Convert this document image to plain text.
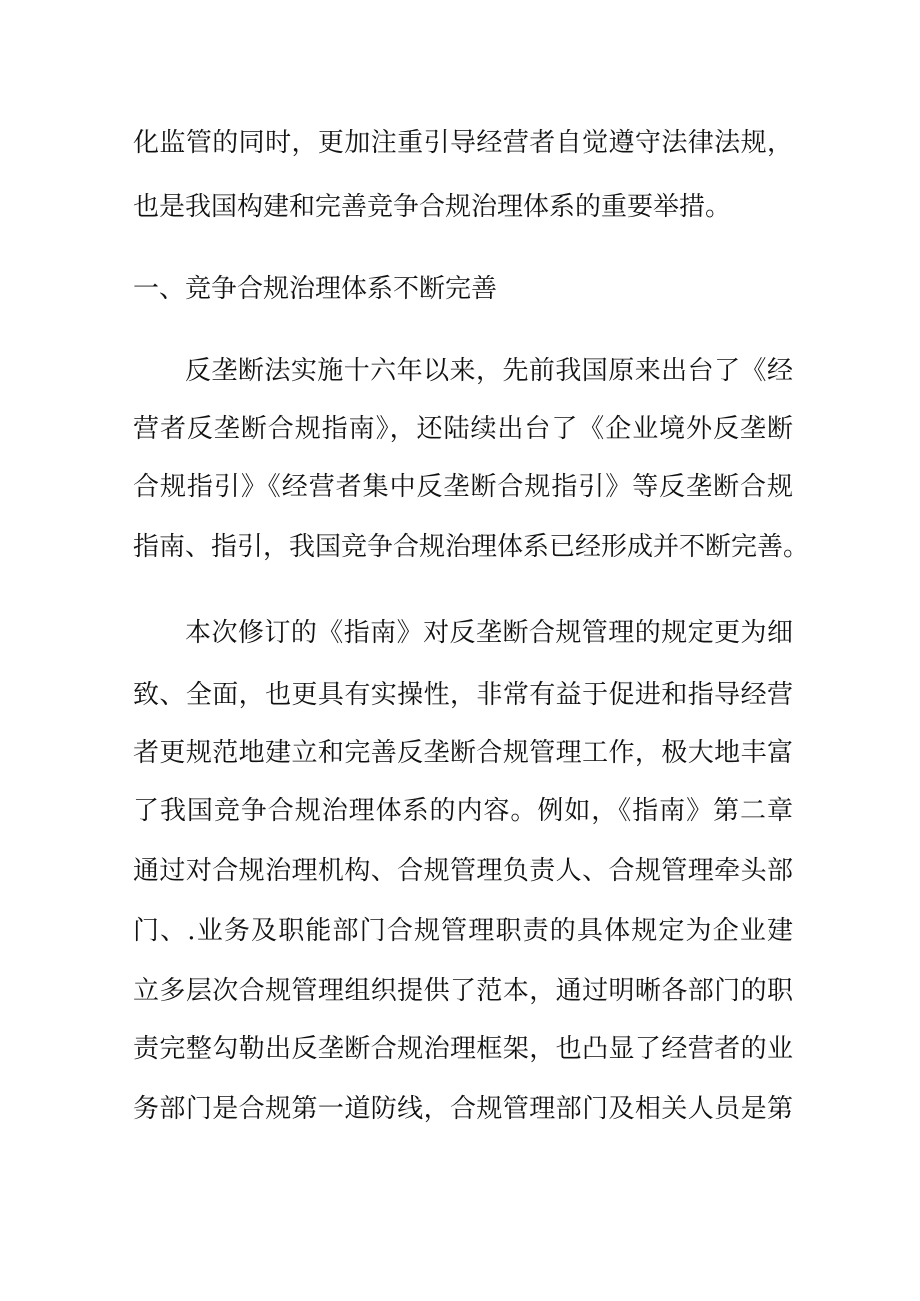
化监管的同时，更加注重引导经营者自觉遵守法律法规，
也是我国构建和完善竞争合规治理体系的重要举措。
一、竞争合规治理体系不断完善
反垄断法实施十六年以来，先前我国原来出台了《经
营者反垄断合规指南》，还陆续出台了《企业境外反垄断
合规指引》《经营者集中反垄断合规指引》等反垄断合规
指南、指引，我国竞争合规治理体系已经形成并不断完善。
本次修订的《指南》对反垄断合规管理的规定更为细
致、全面，也更具有实操性，非常有益于促进和指导经营
者更规范地建立和完善反垄断合规管理工作，极大地丰富
了我国竞争合规治理体系的内容。例如，《指南》第二章
通过对合规治理机构、合规管理负责人、合规管理牵头部
门、.业务及职能部门合规管理职责的具体规定为企业建
立多层次合规管理组织提供了范本，通过明晰各部门的职
责完整勾勒出反垄断合规治理框架，也凸显了经营者的业
务部门是合规第一道防线，合规管理部门及相关人员是第
